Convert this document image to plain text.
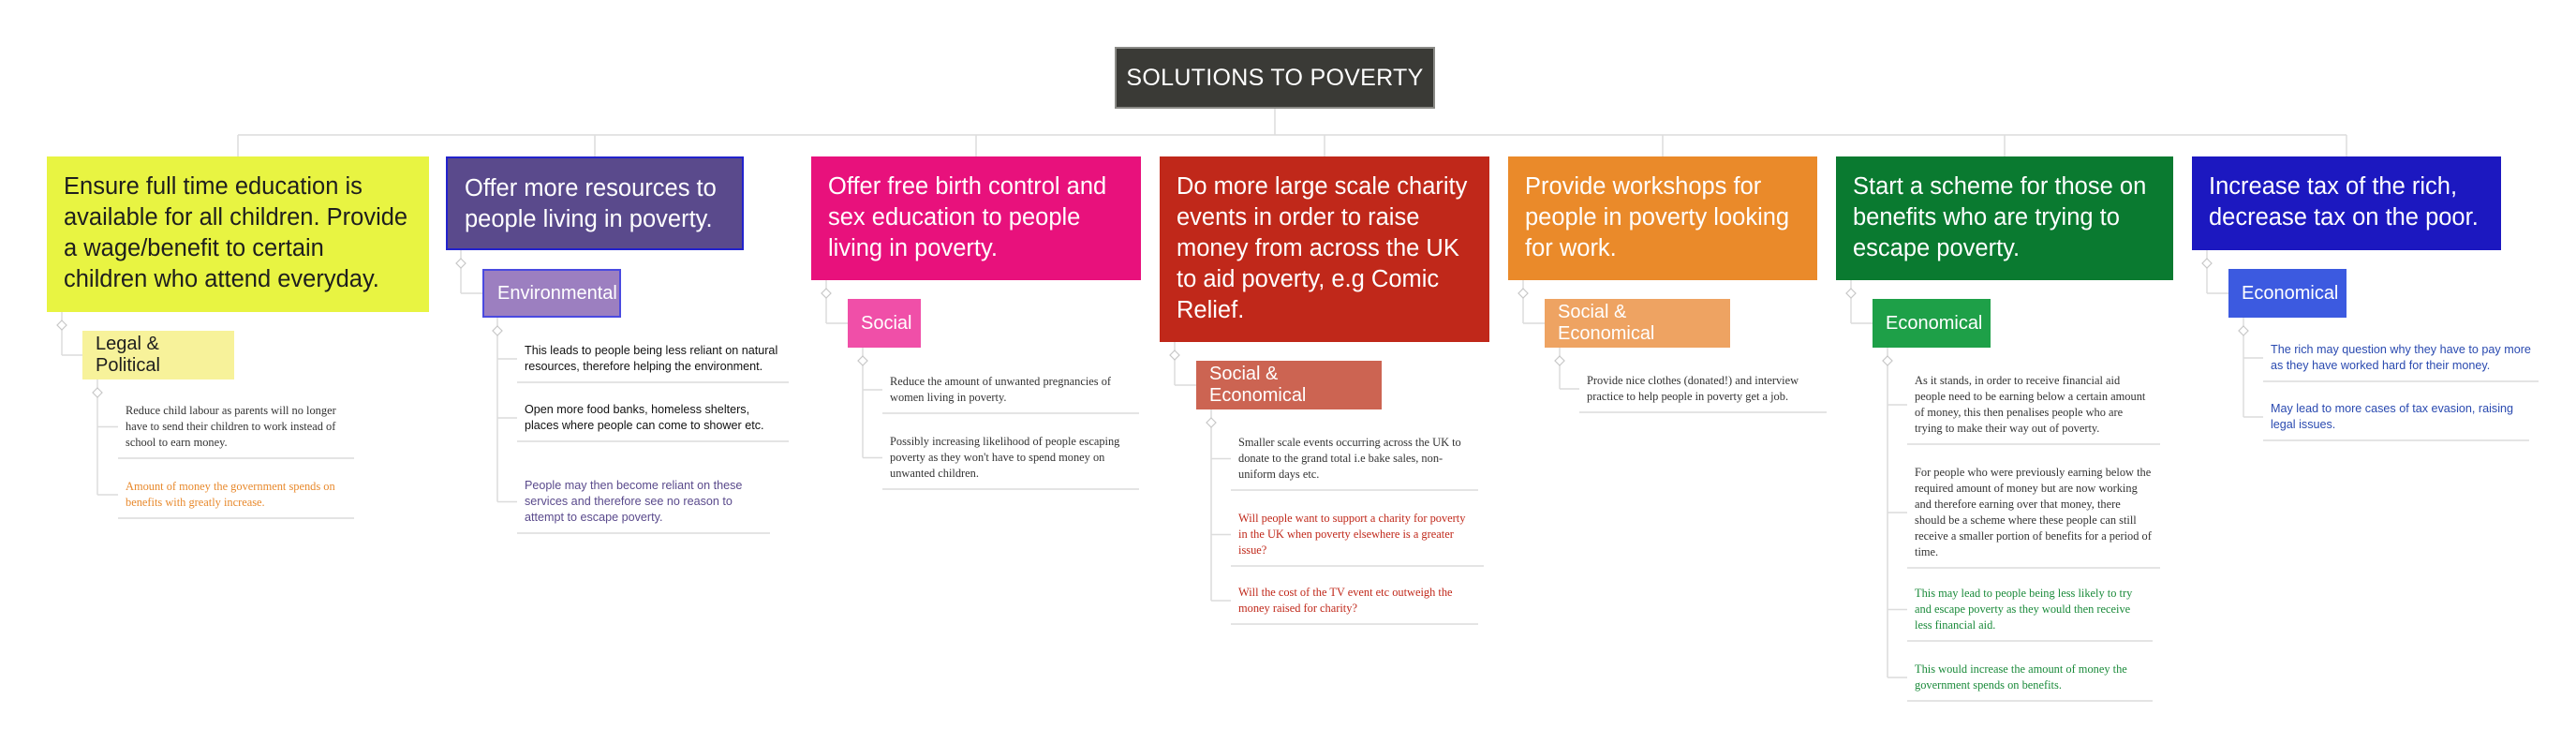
SOLUTIONS TO POVERTY
Ensure full time education is available for all children. Provide a wage/benefit to certain children who attend everyday.
Legal & Political
Reduce child labour as parents will no longer have to send their children to work instead of school to earn money.
Amount of money the government spends on benefits with greatly increase.
Offer more resources to people living in poverty.
Environmental
This leads to people being less reliant on natural resources, therefore helping the environment.
Open more food banks, homeless shelters, places where people can come to shower etc.
People may then become reliant on these services and therefore see no reason to attempt to escape poverty.
Offer free birth control and sex education to people living in poverty.
Social
Reduce the amount of unwanted pregnancies of women living in poverty.
Possibly increasing likelihood of people escaping poverty as they won't have to spend money on unwanted children.
Do more large scale charity events in order to raise money from across the UK to aid poverty, e.g Comic Relief.
Social & Economical
Smaller scale events occurring across the UK to donate to the grand total i.e bake sales, non-uniform days etc.
Will people want to support a charity for poverty in the UK when poverty elsewhere is a greater issue?
Will the cost of the TV event etc outweigh the money raised for charity?
Provide workshops for people in poverty looking for work.
Social & Economical
Provide nice clothes (donated!) and interview practice to help people in poverty get a job.
Start a scheme for those on benefits who are trying to escape poverty.
Economical
As it stands, in order to receive financial aid people need to be earning below a certain amount of money, this then penalises people who are trying to make their way out of poverty.
For people who were previously earning below the required amount of money but are now working and therefore earning over that money, there should be a scheme where these people can still receive a smaller portion of benefits for a period of time.
This may lead to people being less likely to try and escape poverty as they would then receive less financial aid.
This would increase the amount of money the government spends on benefits.
Increase tax of the rich, decrease tax on the poor.
Economical
The rich may question why they have to pay more as they have worked hard for their money.
May lead to more cases of tax evasion, raising legal issues.
